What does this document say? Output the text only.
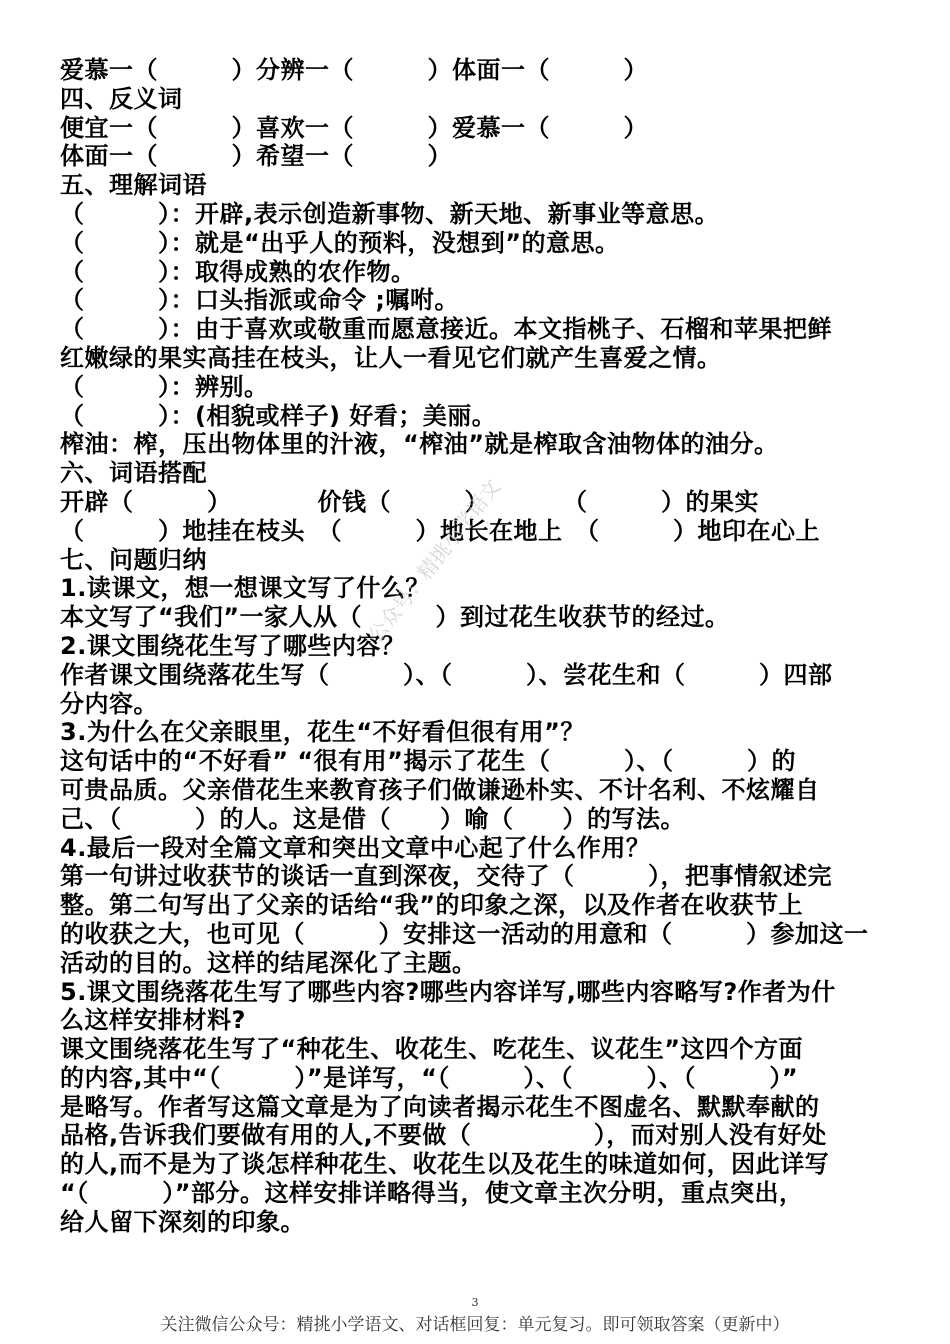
爱慕一（　　　）分辨一（　　　）体面一（　　　）
四、反义词
便宜一（　　　）喜欢一（　　　）爱慕一（　　　）
体面一（　　　）希望一（　　　）
五、理解词语
（　　　）：开辟,表示创造新事物、新天地、新事业等意思。
（　　　）：就是“出乎人的预料，没想到”的意思。
（　　　）：取得成熟的农作物。
（　　　）：口头指派或命令 ;嘱咐。
（　　　）：由于喜欢或敬重而愿意接近。本文指桃子、石榴和苹果把鲜
红嫩绿的果实高挂在枝头，让人一看见它们就产生喜爱之情。
（　　　）：辨别。
（　　　）：(相貌或样子) 好看；美丽。
榨油：榨，压出物体里的汁液，“榨油”就是榨取含油物体的油分。
六、词语搭配
开辟（　　　）　　　　价钱（　　　）　　　　（　　　）的果实
（　　　）地挂在枝头　（　　　）地长在地上　（　　　）地印在心上
七、问题归纳
1.读课文，想一想课文写了什么？
本文写了“我们”一家人从（　　　）到过花生收获节的经过。
2.课文围绕花生写了哪些内容？
作者课文围绕落花生写（　　　）、（　　　）、尝花生和（　　　）四部
分内容。
3.为什么在父亲眼里，花生“不好看但很有用”？
这句话中的“不好看” “很有用”揭示了花生（　　　）、（　　　）的
可贵品质。父亲借花生来教育孩子们做谦逊朴实、不计名利、不炫耀自
己、（　　　）的人。这是借（　　）喻（　　）的写法。
4.最后一段对全篇文章和突出文章中心起了什么作用？
第一句讲过收获节的谈话一直到深夜，交待了（　　　），把事情叙述完
整。第二句写出了父亲的话给“我”的印象之深，以及作者在收获节上
的收获之大，也可见（　　　）安排这一活动的用意和（　　　）参加这一
活动的目的。这样的结尾深化了主题。
5.课文围绕落花生写了哪些内容?哪些内容详写,哪些内容略写?作者为什
么这样安排材料?
课文围绕落花生写了“种花生、收花生、吃花生、议花生”这四个方面
的内容,其中“（　　　）”是详写，“（　　　）、（　　　）、（　　　）”
是略写。作者写这篇文章是为了向读者揭示花生不图虚名、默默奉献的
品格,告诉我们要做有用的人,不要做（　　　　　），而对别人没有好处
的人,而不是为了谈怎样种花生、收花生以及花生的味道如何，因此详写
“（　　　）”部分。这样安排详略得当，使文章主次分明，重点突出，
给人留下深刻的印象。
公众号：精挑小学语文
3
关注微信公众号：精挑小学语文、对话框回复：单元复习。即可领取答案（更新中）
